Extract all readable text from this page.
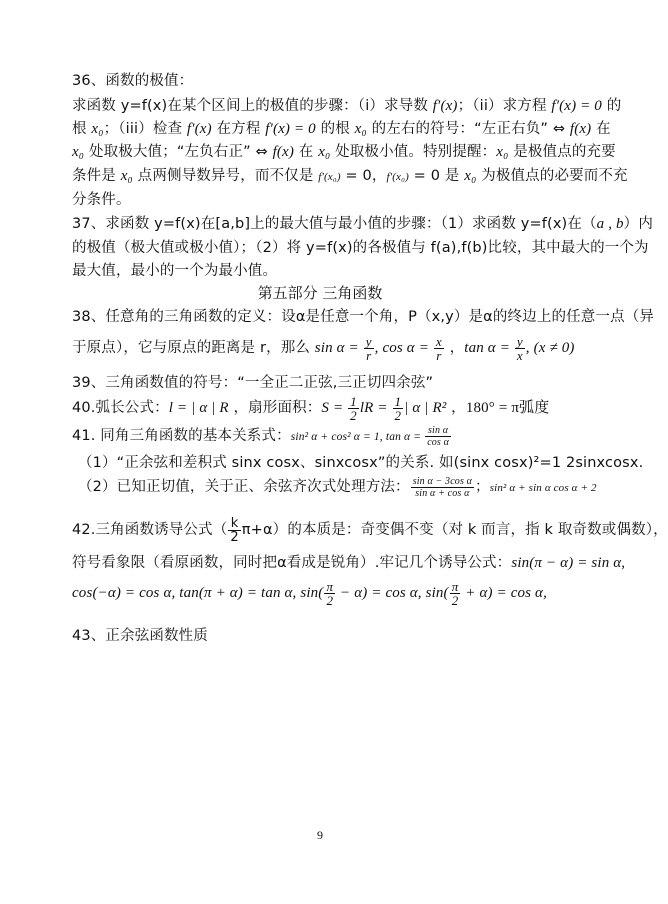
36、函数的极值：
求函数 y=f(x)在某个区间上的极值的步骤：（i）求导数 f′(x)；（ii）求方程 f′(x) = 0 的
根 x₀；（iii）检查 f′(x) 在方程 f′(x) = 0 的根 x₀ 的左右的符号：“左正右负” ⇔ f(x) 在
x₀ 处取极大值；“左负右正” ⇔ f(x) 在 x₀ 处取极小值。特别提醒：x₀ 是极值点的充要
条件是 x₀ 点两侧导数异号，而不仅是 f′(x₀) = 0，f′(x₀) = 0 是 x₀ 为极值点的必要而不充
分条件。
37、求函数 y=f(x)在[a,b]上的最大值与最小值的步骤：（1）求函数 y=f(x)在（a , b）内
的极值（极大值或极小值）；（2）将 y=f(x)的各极值与 f(a),f(b)比较，其中最大的一个为
最大值，最小的一个为最小值。
第五部分 三角函数
38、任意角的三角函数的定义：设α是任意一个角，P（x,y）是α的终边上的任意一点（异
于原点），它与原点的距离是 r，那么 $\sin \alpha = \frac{y}{r}$ , $\cos \alpha = \frac{x}{r}$ ，$\tan \alpha = \frac{y}{x}$ , (x ≠ 0)
39、三角函数值的符号：“一全正二正弦,三正切四余弦”
40.弧长公式：l = | α | R ，扇形面积：$S = \frac{1}{2}$ lR = $\frac{1}{2}$ | α | R² ，180° = π弧度
41. 同角三角函数的基本关系式：sin² α + cos² α = 1, $\tan \alpha = \frac{\text{sin α}}{\text{cos α}}$
（1）“正余弦和差积式 sinx cosx、sinxcosx”的关系. 如(sinx cosx)²=1 2sinxcosx.
（2）已知正切值，关于正、余弦齐次式处理方法： $\frac{\text{sin α − 3cos α}}{\text{sin α + cos α}}$ ；sin² α + sin α cos α + 2
42.三角函数诱导公式（ $\frac{k}{2} \pi+\alpha$）的本质是：奇变偶不变（对 k 而言，指 k 取奇数或偶数），
符号看象限（看原函数，同时把α看成是锐角）.牢记几个诱导公式：sin(π − α) = sin α,
cos(−α) = cos α, tan(π + α) = tan α, $\sin( \frac{\pi}{2} - \alpha) = \cos \alpha$, $\sin( \frac{\pi}{2} + \alpha) = \cos \alpha$,
43、正余弦函数性质
9
